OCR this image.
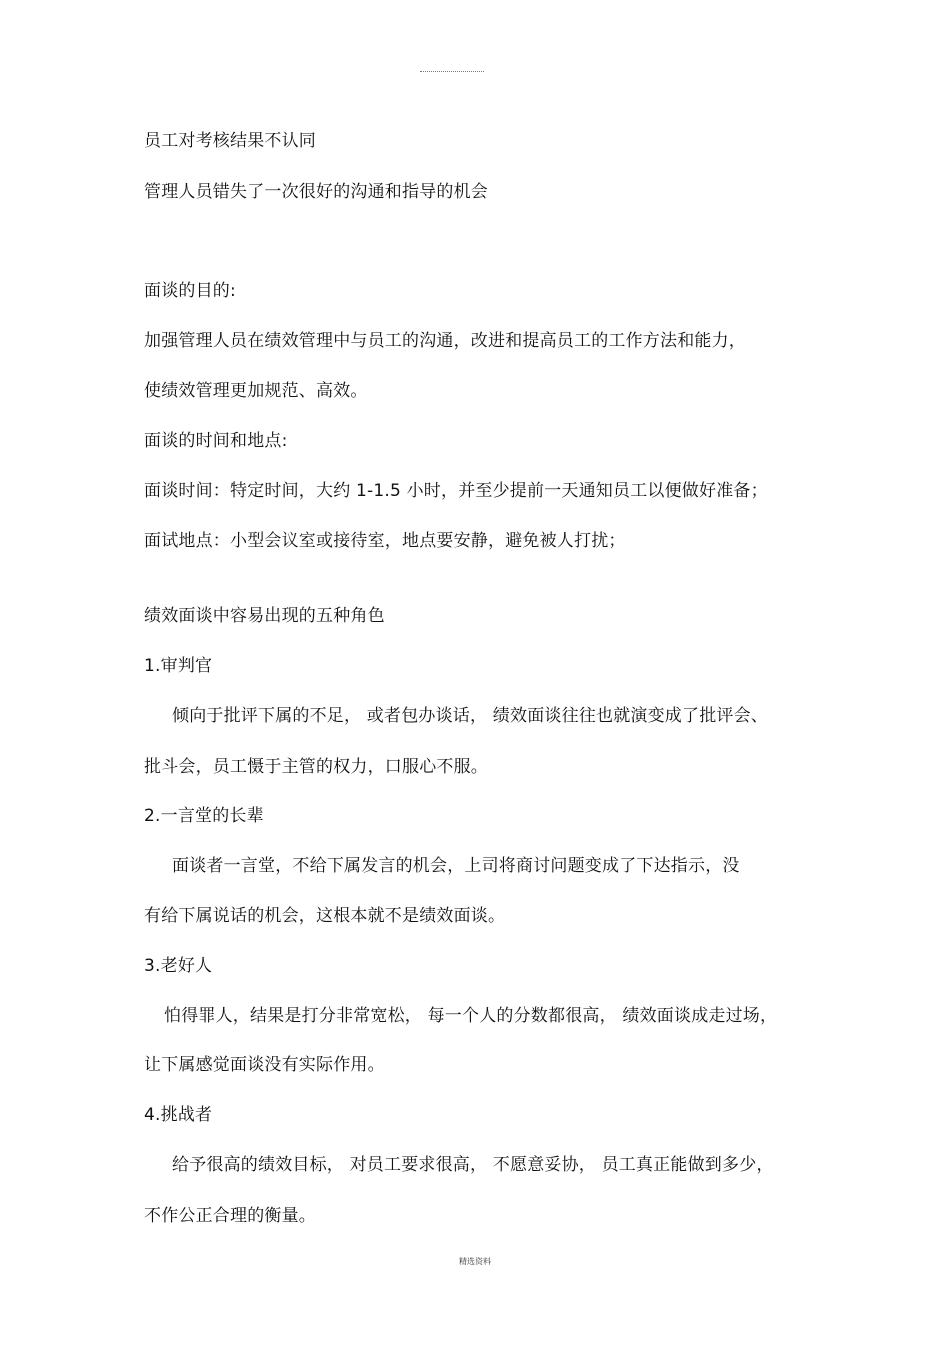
员工对考核结果不认同
管理人员错失了一次很好的沟通和指导的机会
面谈的目的:
加强管理人员在绩效管理中与员工的沟通，改进和提高员工的工作方法和能力，
使绩效管理更加规范、高效。
面谈的时间和地点:
面谈时间：特定时间，大约 1-1.5 小时，并至少提前一天通知员工以便做好准备；
面试地点：小型会议室或接待室，地点要安静，避免被人打扰；
绩效面谈中容易出现的五种角色
1.审判官
倾向于批评下属的不足， 或者包办谈话， 绩效面谈往往也就演变成了批评会、
批斗会，员工慑于主管的权力，口服心不服。
2.一言堂的长辈
面谈者一言堂，不给下属发言的机会，上司将商讨问题变成了下达指示，没
有给下属说话的机会，这根本就不是绩效面谈。
3.老好人
怕得罪人，结果是打分非常宽松， 每一个人的分数都很高， 绩效面谈成走过场，
让下属感觉面谈没有实际作用。
4.挑战者
给予很高的绩效目标， 对员工要求很高， 不愿意妥协， 员工真正能做到多少，
不作公正合理的衡量。
精选资料
